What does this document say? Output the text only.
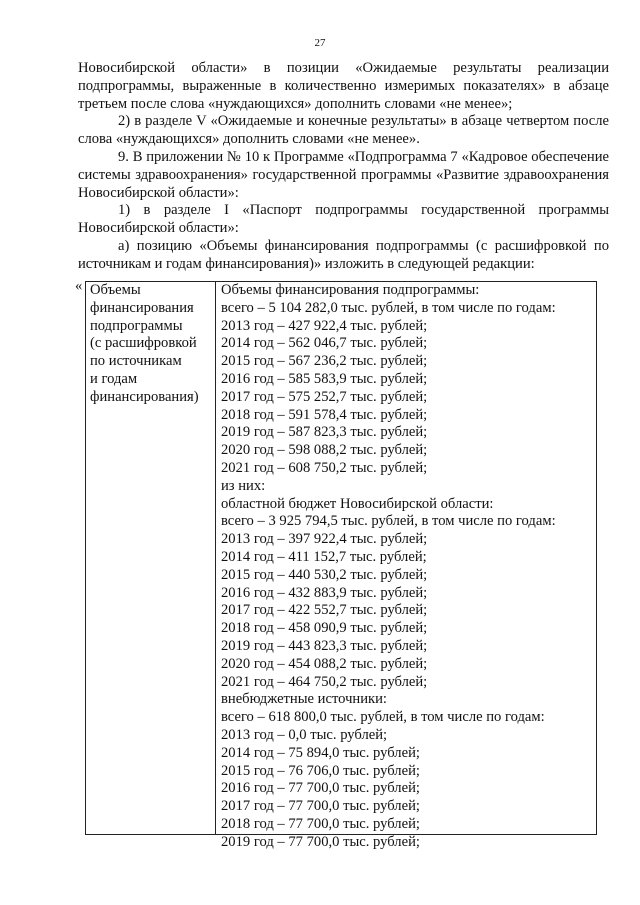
27

Новосибирской области» в позиции «Ожидаемые результаты реализации подпрограммы, выраженные в количественно измеримых показателях» в абзаце третьем после слова «нуждающихся» дополнить словами «не менее»;

2) в разделе V «Ожидаемые и конечные результаты» в абзаце четвертом после слова «нуждающихся» дополнить словами «не менее».

9. В приложении № 10 к Программе «Подпрограмма 7 «Кадровое обеспечение системы здравоохранения» государственной программы «Развитие здравоохранения Новосибирской области»:

1) в разделе I «Паспорт подпрограммы государственной программы Новосибирской области»:

а) позицию «Объемы финансирования подпрограммы (с расшифровкой по источникам и годам финансирования)» изложить в следующей редакции:

« Объемы
финансирования
подпрограммы
(с расшифровкой
по источникам
и годам
финансирования)
Объемы финансирования подпрограммы:
всего – 5 104 282,0 тыс. рублей, в том числе по годам:
2013 год – 427 922,4 тыс. рублей;
2014 год – 562 046,7 тыс. рублей;
2015 год – 567 236,2 тыс. рублей;
2016 год – 585 583,9 тыс. рублей;
2017 год – 575 252,7 тыс. рублей;
2018 год – 591 578,4 тыс. рублей;
2019 год – 587 823,3 тыс. рублей;
2020 год – 598 088,2 тыс. рублей;
2021 год – 608 750,2 тыс. рублей;
из них:
областной бюджет Новосибирской области:
всего – 3 925 794,5 тыс. рублей, в том числе по годам:
2013 год – 397 922,4 тыс. рублей;
2014 год – 411 152,7 тыс. рублей;
2015 год – 440 530,2 тыс. рублей;
2016 год – 432 883,9 тыс. рублей;
2017 год – 422 552,7 тыс. рублей;
2018 год – 458 090,9 тыс. рублей;
2019 год – 443 823,3 тыс. рублей;
2020 год – 454 088,2 тыс. рублей;
2021 год – 464 750,2 тыс. рублей;
внебюджетные источники:
всего – 618 800,0 тыс. рублей, в том числе по годам:
2013 год – 0,0 тыс. рублей;
2014 год – 75 894,0 тыс. рублей;
2015 год – 76 706,0 тыс. рублей;
2016 год – 77 700,0 тыс. рублей;
2017 год – 77 700,0 тыс. рублей;
2018 год – 77 700,0 тыс. рублей;
2019 год – 77 700,0 тыс. рублей;
